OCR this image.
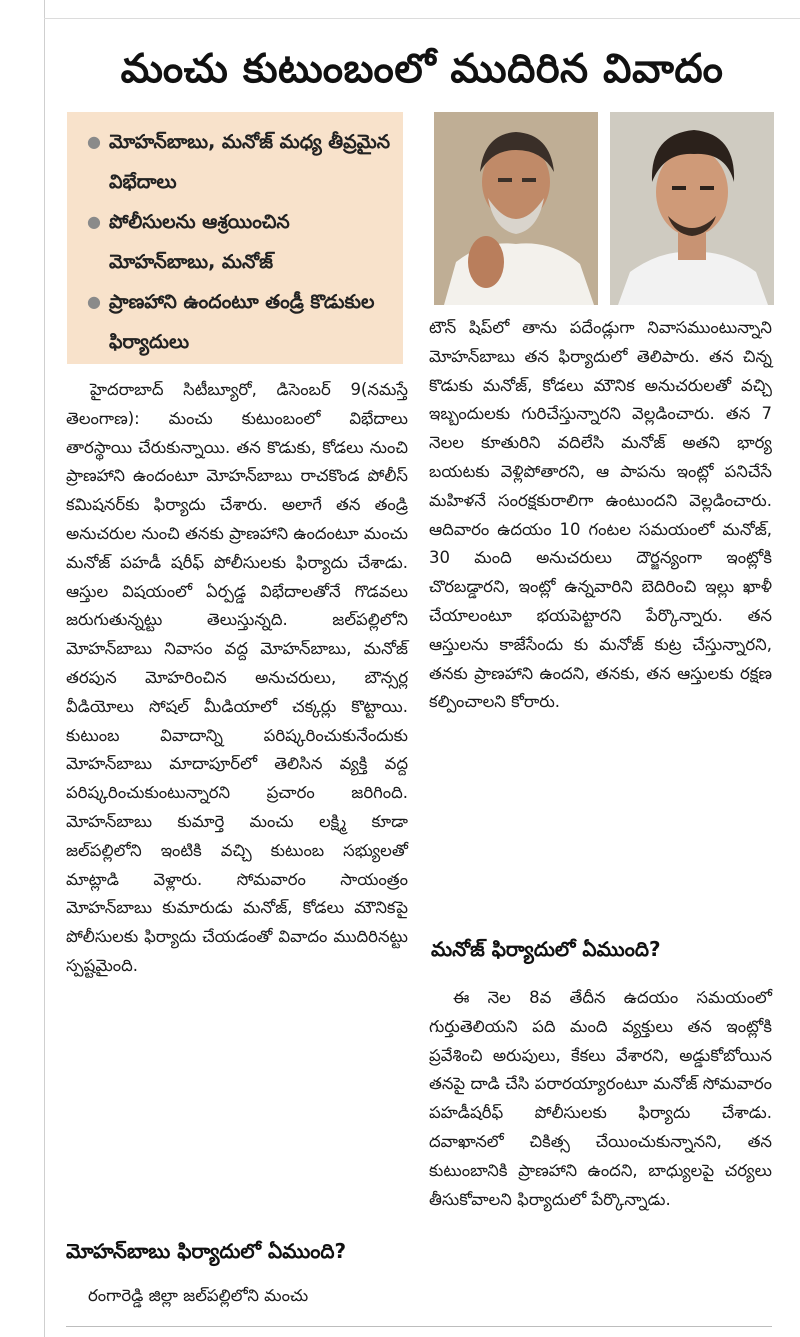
మంచు కుటుంబంలో ముదిరిన వివాదం
● మోహన్‌బాబు, మనోజ్ మధ్య తీవ్రమైన విభేదాలు
● పోలీసులను ఆశ్రయించిన మోహన్‌బాబు, మనోజ్
● ప్రాణహాని ఉందంటూ తండ్రీ కొడుకుల ఫిర్యాదులు
హైదరాబాద్ సిటీబ్యూరో, డిసెంబర్ 9(నమస్తే తెలంగాణ): మంచు కుటుంబంలో విభేదాలు తారస్థాయి చేరుకున్నాయి. తన కొడుకు, కోడలు నుంచి ప్రాణహాని ఉందంటూ మోహన్‌బాబు రాచకొండ పోలీస్ కమిషనర్‌కు ఫిర్యాదు చేశారు. అలాగే తన తండ్రి అనుచరుల నుంచి తనకు ప్రాణహాని ఉందంటూ మంచు మనోజ్ పహడీ షరీఫ్ పోలీసులకు ఫిర్యాదు చేశాడు. ఆస్తుల విషయంలో ఏర్పడ్డ విభేదాలతోనే గొడవలు జరుగుతున్నట్టు తెలుస్తున్నది. జల్‌పల్లిలోని మోహన్‌బాబు నివాసం వద్ద మోహన్‌బాబు, మనోజ్ తరపున మోహరించిన అనుచరులు, బౌన్సర్ల వీడియోలు సోషల్ మీడియాలో చక్కర్లు కొట్టాయి. కుటుంబ వివాదాన్ని పరిష్కరించుకునేందుకు మోహన్‌బాబు మాదాపూర్‌లో తెలిసిన వ్యక్తి వద్ద పరిష్కరించుకుంటున్నారని ప్రచారం జరిగింది. మోహన్‌బాబు కుమార్తె మంచు లక్ష్మి కూడా జల్‌పల్లిలోని ఇంటికి వచ్చి కుటుంబ సభ్యులతో మాట్లాడి వెళ్లారు. సోమవారం సాయంత్రం మోహన్‌బాబు కుమారుడు మనోజ్, కోడలు మౌనికపై పోలీసులకు ఫిర్యాదు చేయడంతో వివాదం ముదిరినట్టు స్పష్టమైంది.
మోహన్‌బాబు ఫిర్యాదులో ఏముంది?
రంగారెడ్డి జిల్లా జల్‌పల్లిలోని మంచు
టౌన్ షిప్‌లో తాను పదేండ్లుగా నివాసముంటున్నాని మోహన్‌బాబు తన ఫిర్యాదులో తెలిపారు. తన చిన్న కొడుకు మనోజ్, కోడలు మౌనిక అనుచరులతో వచ్చి ఇబ్బందులకు గురిచేస్తున్నారని వెల్లడించారు. తన 7 నెలల కూతురిని వదిలేసి మనోజ్ అతని భార్య బయటకు వెళ్లిపోతారని, ఆ పాపను ఇంట్లో పనిచేసే మహిళనే సంరక్షకురాలిగా ఉంటుందని వెల్లడించారు. ఆదివారం ఉదయం 10 గంటల సమయంలో మనోజ్, 30 మంది అనుచరులు దౌర్జన్యంగా ఇంట్లోకి చొరబడ్డారని, ఇంట్లో ఉన్నవారిని బెదిరించి ఇల్లు ఖాళీ చేయాలంటూ భయపెట్టారని పేర్కొన్నారు. తన ఆస్తులను కాజేసేందు కు మనోజ్ కుట్ర చేస్తున్నారని, తనకు ప్రాణహాని ఉందని, తనకు, తన ఆస్తులకు రక్షణ కల్పించాలని కోరారు.
మనోజ్ ఫిర్యాదులో ఏముంది?
ఈ నెల 8వ తేదీన ఉదయం సమయంలో గుర్తుతెలియని పది మంది వ్యక్తులు తన ఇంట్లోకి ప్రవేశించి అరుపులు, కేకలు వేశారని, అడ్డుకోబోయిన తనపై దాడి చేసి పరారయ్యారంటూ మనోజ్ సోమవారం పహడీషరీఫ్ పోలీసులకు ఫిర్యాదు చేశాడు. దవాఖానలో చికిత్స చేయించుకున్నానని, తన కుటుంబానికి ప్రాణహాని ఉందని, బాధ్యులపై చర్యలు తీసుకోవాలని ఫిర్యాదులో పేర్కొన్నాడు.
